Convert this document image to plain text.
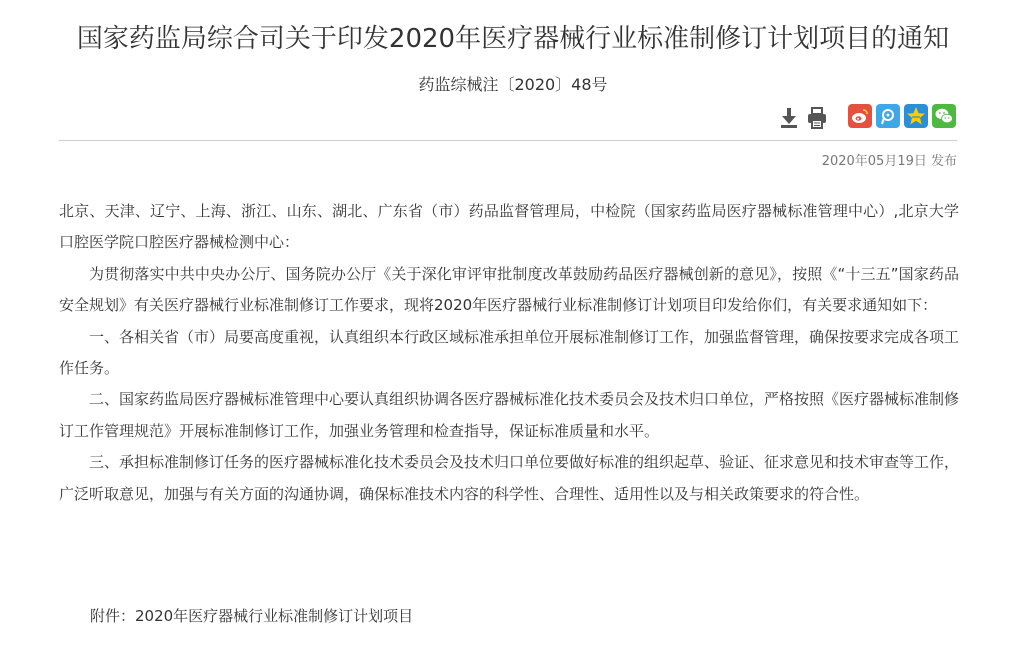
国家药监局综合司关于印发2020年医疗器械行业标准制修订计划项目的通知
药监综械注〔2020〕48号
2020年05月19日 发布

北京、天津、辽宁、上海、浙江、山东、湖北、广东省（市）药品监督管理局，中检院（国家药监局医疗器械标准管理中心）,北京大学口腔医学院口腔医疗器械检测中心：

为贯彻落实中共中央办公厅、国务院办公厅《关于深化审评审批制度改革鼓励药品医疗器械创新的意见》，按照《“十三五”国家药品安全规划》有关医疗器械行业标准制修订工作要求，现将2020年医疗器械行业标准制修订计划项目印发给你们，有关要求通知如下：

一、各相关省（市）局要高度重视，认真组织本行政区域标准承担单位开展标准制修订工作，加强监督管理，确保按要求完成各项工作任务。

二、国家药监局医疗器械标准管理中心要认真组织协调各医疗器械标准化技术委员会及技术归口单位，严格按照《医疗器械标准制修订工作管理规范》开展标准制修订工作，加强业务管理和检查指导，保证标准质量和水平。

三、承担标准制修订任务的医疗器械标准化技术委员会及技术归口单位要做好标准的组织起草、验证、征求意见和技术审查等工作，广泛听取意见，加强与有关方面的沟通协调，确保标准技术内容的科学性、合理性、适用性以及与相关政策要求的符合性。

附件：2020年医疗器械行业标准制修订计划项目
